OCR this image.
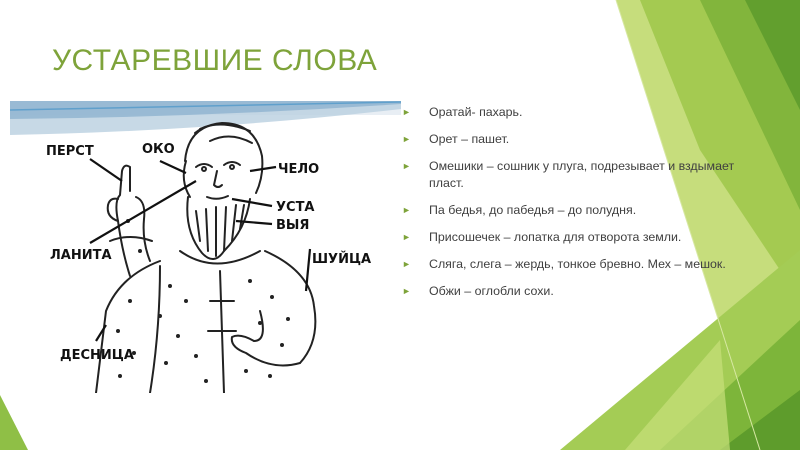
УСТАРЕВШИЕ СЛОВА
ПЕРСТ	ОКО
ЧЕЛО
УСТА
ВЫЯ
ЛАНИТА	ШУЙЦА
ДЕСНИЦА
► Оратай- пахарь.
► Орет – пашет.
► Омешики – сошник у плуга, подрезывает и вздымает пласт.
► Па бедья, до пабедья – до полудня.
► Присошечек – лопатка для отворота земли.
► Сляга, слега – жердь, тонкое бревно. Мех – мешок.
► Обжи – оглобли сохи.
